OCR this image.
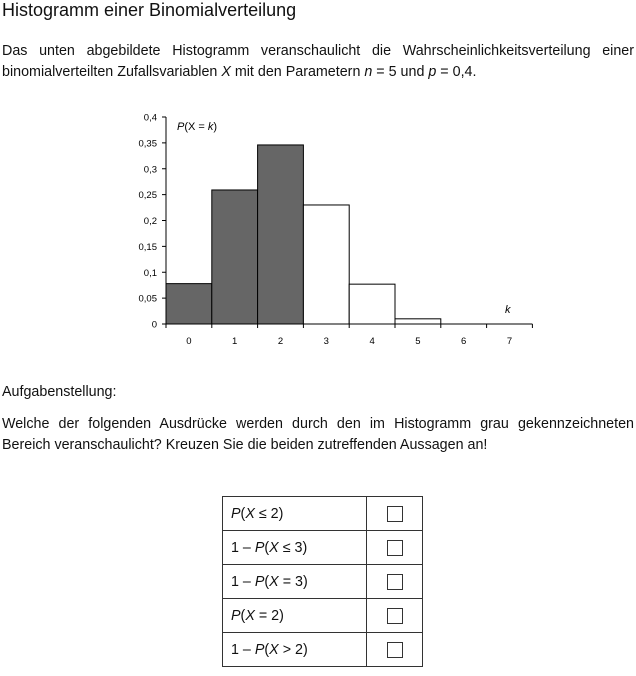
Histogramm einer Binomialverteilung

Das unten abgebildete Histogramm veranschaulicht die Wahrscheinlichkeitsverteilung einer binomialverteilten Zufallsvariablen X mit den Parametern n = 5 und p = 0,4.

0
0,05
0,1
0,15
0,2
0,25
0,3
0,35
0,4
0	1	2	3	4	5	6	7
P(X = k)
k
Aufgabenstellung:

Welche der folgenden Ausdrücke werden durch den im Histogramm grau gekennzeichneten Bereich veranschaulicht? Kreuzen Sie die beiden zutreffenden Aussagen an!

P(X ≤ 2)	
1 – P(X ≤ 3)	
1 – P(X = 3)	
P(X = 2)	
1 – P(X > 2)	
